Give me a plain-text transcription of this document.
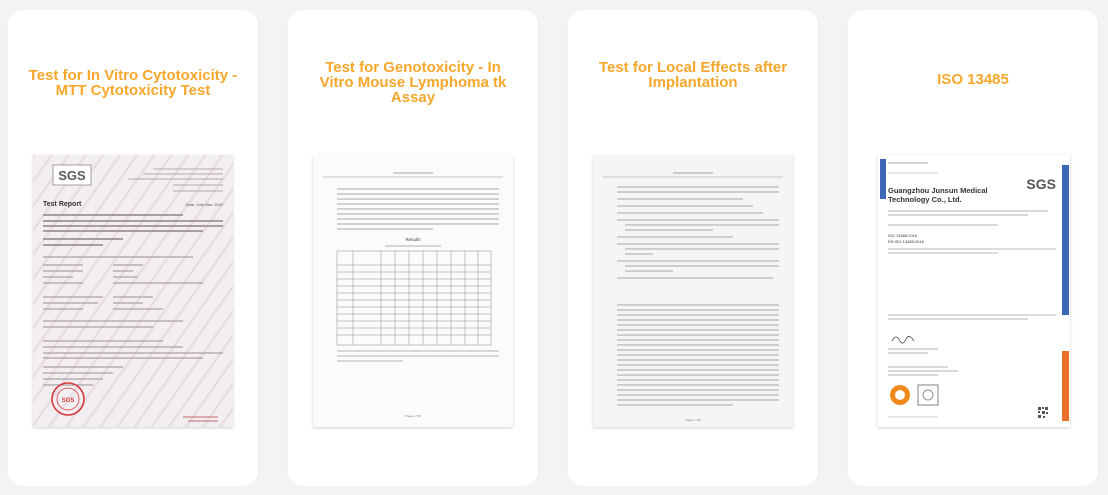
Test for In Vitro Cytotoxicity - MTT Cytotoxicity Test
SGS
Test Report	Date: 14th Mar. 2022
SGS
Test for Genotoxicity - In Vitro Mouse Lymphoma tk Assay
Results
Page 1 / 50
Test for Local Effects after Implantation
Page 1 / 80
ISO 13485
SGS
Guangzhou Junsun Medical
Technology Co., Ltd.
ISO 13485:2016
EN ISO 13485:2016
